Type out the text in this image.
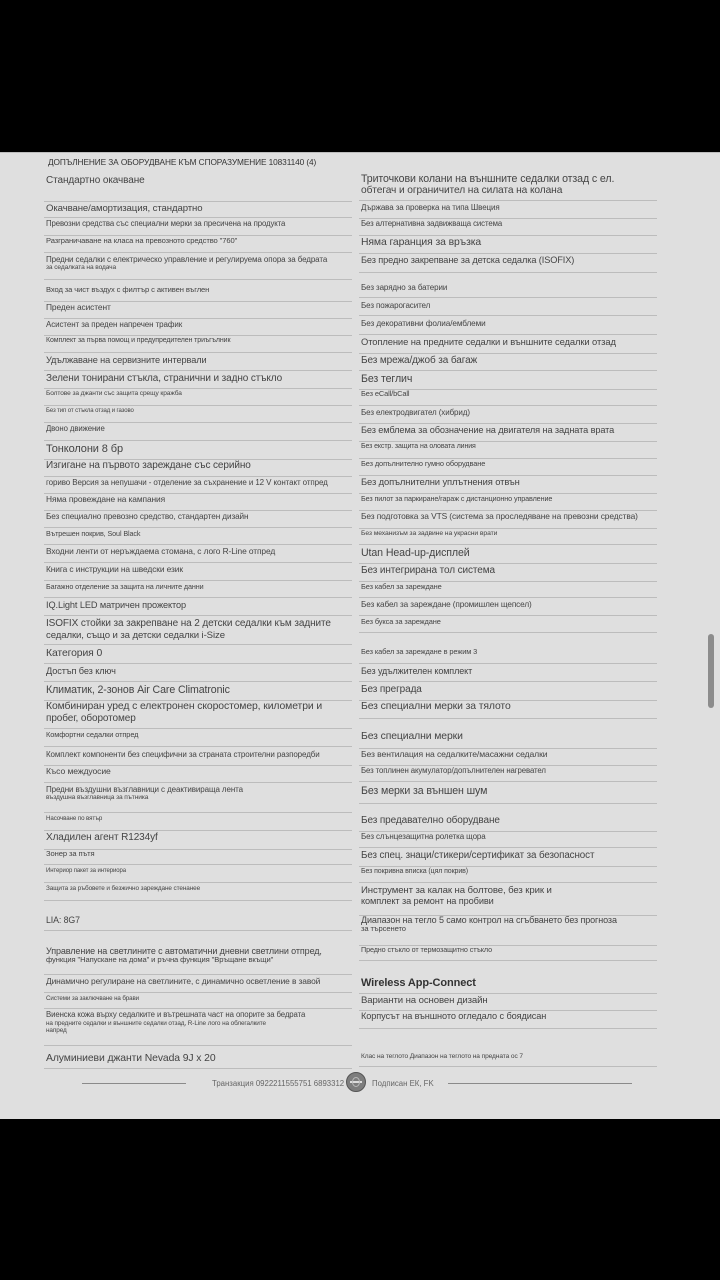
ДОПЪЛНЕНИЕ ЗА ОБОРУДВАНЕ КЪМ СПОРАЗУМЕНИЕ 10831140 (4)
Стандартно окачване
Окачване/амортизация, стандартно
Превозни средства със специални мерки за пресичена на продукта
Разграничаване на класа на превозното средство "760"
Предни седалки с електрическо управление и регулируема опора за бедрата
за седалката на водача
Вход за чист въздух с филтър с активен въглен
Преден асистент
Асистент за преден напречен трафик
Комплект за първа помощ и предупредителен триъгълник
Удължаване на сервизните интервали
Зелени тонирани стъкла, странични и задно стъкло
Болтове за джанти със защита срещу кражба
Без тип от стъкла отзад и газово
Двоно движение
Тонколони 8 бр
Изгигане на първото зареждане със серийно
гориво Версия за непушачи - отделение за съхранение и 12 V контакт отпред
Няма провеждане на кампания
Без специално превозно средство, стандартен дизайн
Вътрешен покрив, Soul Black
Входни ленти от неръждаема стомана, с лого R-Line отпред
Книга с инструкции на шведски език
Багажно отделение за защита на личните данни
IQ.Light LED матричен прожектор
ISOFIX стойки за закрепване на 2 детски седалки към задните
седалки, също и за детски седалки i-Size
Категория 0
Достъп без ключ
Климатик, 2-зонов Air Care Climatronic
Комбиниран уред с електронен скоростомер, километри и
пробег, оборотомер
Комфортни седалки отпред
Комплект компоненти без специфични за страната строителни разпоредби
Късо междуосие
Предни въздушни възглавници с деактивираща лента
въздушна възглавница за пътника
Насочване по вятър
Хладилен агент R1234yf
Зонер за пътя
Интериор пакет за интериора
Защита за ръбовете и безжично зареждане стенанее
LIA: 8G7
Управление на светлините с автоматични дневни светлини отпред,
функция "Напускане на дома" и ръчна функция "Връщане вкъщи"
Динамично регулиране на светлините, с динамично осветление в завой
Системи за заключване на брави
Виенска кожа върху седалките и вътрешната част на опорите за бедрата
на предните седалки и външните седалки отзад, R-Line лого на облегалките
напред
Алуминиеви джанти Nevada 9J x 20
Триточкови колани на външните седалки отзад с ел.
обтегач и ограничител на силата на колана
Държава за проверка на типа Швеция
Без алтернативна задвижваща система
Няма гаранция за връзка
Без предно закрепване за детска седалка (ISOFIX)
Без зарядно за батерии
Без пожарогасител
Без декоративни фолиа/емблеми
Отопление на предните седалки и външните седалки отзад
Без мрежа/джоб за багаж
Без теглич
Без eCall/bCall
Без електродвигател (хибрид)
Без емблема за обозначение на двигателя на задната врата
Без екстр. защита на оловата линия
Без допълнително гумно оборудване
Без допълнителни уплътнения отвън
Без пилот за паркиране/гараж с дистанционно управление
Без подготовка за VTS (система за проследяване на превозни средства)
Без механизъм за задвине на украсни врати
Utan Head-up-дисплей
Без интегрирана тол система
Без кабел за зареждане
Без кабел за зареждане (промишлен щепсел)
Без букса за зареждане
Без кабел за зареждане в режим 3
Без удължителен комплект
Без преграда
Без специални мерки за тялото
Без специални мерки
Без вентилация на седалките/масажни седалки
Без топлинен акумулатор/допълнителен нагревател
Без мерки за външен шум
Без предавателно оборудване
Без слънцезащитна ролетка щора
Без спец. знаци/стикери/сертификат за безопасност
Без покривна вписка (цял покрив)
Инструмент за калак на болтове, без крик и
комплект за ремонт на пробиви
Диапазон на теглo 5 само контрол на сгъбването без прогноза
за търсенето
Предно стъкло от термозащитно стъкло
Wireless App-Connect
Варианти на основен дизайн
Корпусът на външното огледало с боядисан
Клас на теглото Диапазон на теглото на предната ос 7
Транзакция 0922211555751 6893312	Подписан ЕК, FK
